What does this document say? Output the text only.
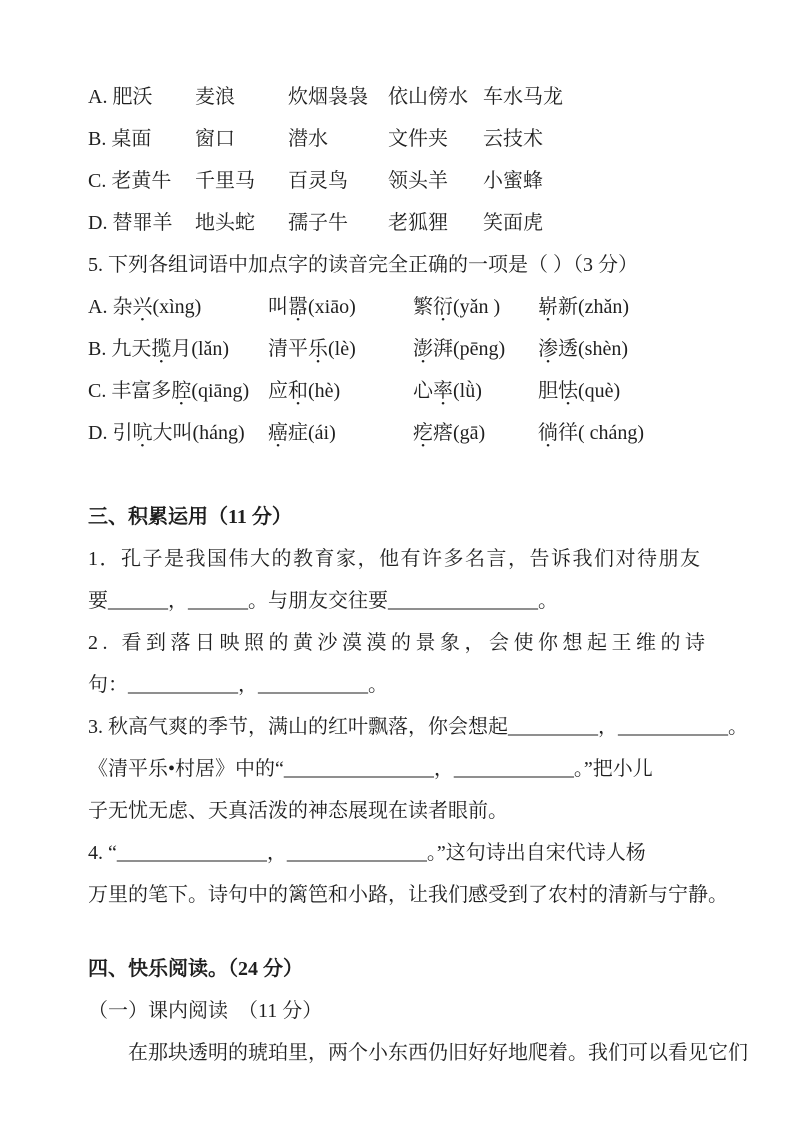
A. 肥沃	麦浪	炊烟袅袅	依山傍水 车水马龙
B. 桌面	窗口	潜水	文件夹	云技术
C. 老黄牛	千里马	百灵鸟	领头羊	小蜜蜂
D. 替罪羊	地头蛇	孺子牛	老狐狸	笑面虎
5. 下列各组词语中加点字的读音完全正确的一项是（ ）（3 分）
A. 杂兴(xìng)	叫嚣(xiāo)	繁衍(yǎn )	崭新(zhǎn)
B. 九天揽月(lǎn)	清平乐(lè)	澎湃(pēng)	渗透(shèn)
C. 丰富多腔(qiāng) 应和(hè)	心率(lǜ)	胆怯(què)
D. 引吭大叫(háng)	癌症(ái)	疙瘩(gā)	徜徉( cháng)
三、积累运用（11 分）
1．孔子是我国伟大的教育家，他有许多名言，告诉我们对待朋友
要______，______。与朋友交往要_______________。
2. 看到落日映照的黄沙漠漠的景象，会使你想起王维的诗
句：___________，___________。
3. 秋高气爽的季节，满山的红叶飘落，你会想起_________，___________。
《清平乐•村居》中的“_______________，____________。”把小儿
子无忧无虑、天真活泼的神态展现在读者眼前。
4. “_______________，______________。”这句诗出自宋代诗人杨
万里的笔下。诗句中的篱笆和小路，让我们感受到了农村的清新与宁静。
四、快乐阅读。（24 分）
（一）课内阅读　（11 分）
在那块透明的琥珀里，两个小东西仍旧好好地爬着。我们可以看见它们
